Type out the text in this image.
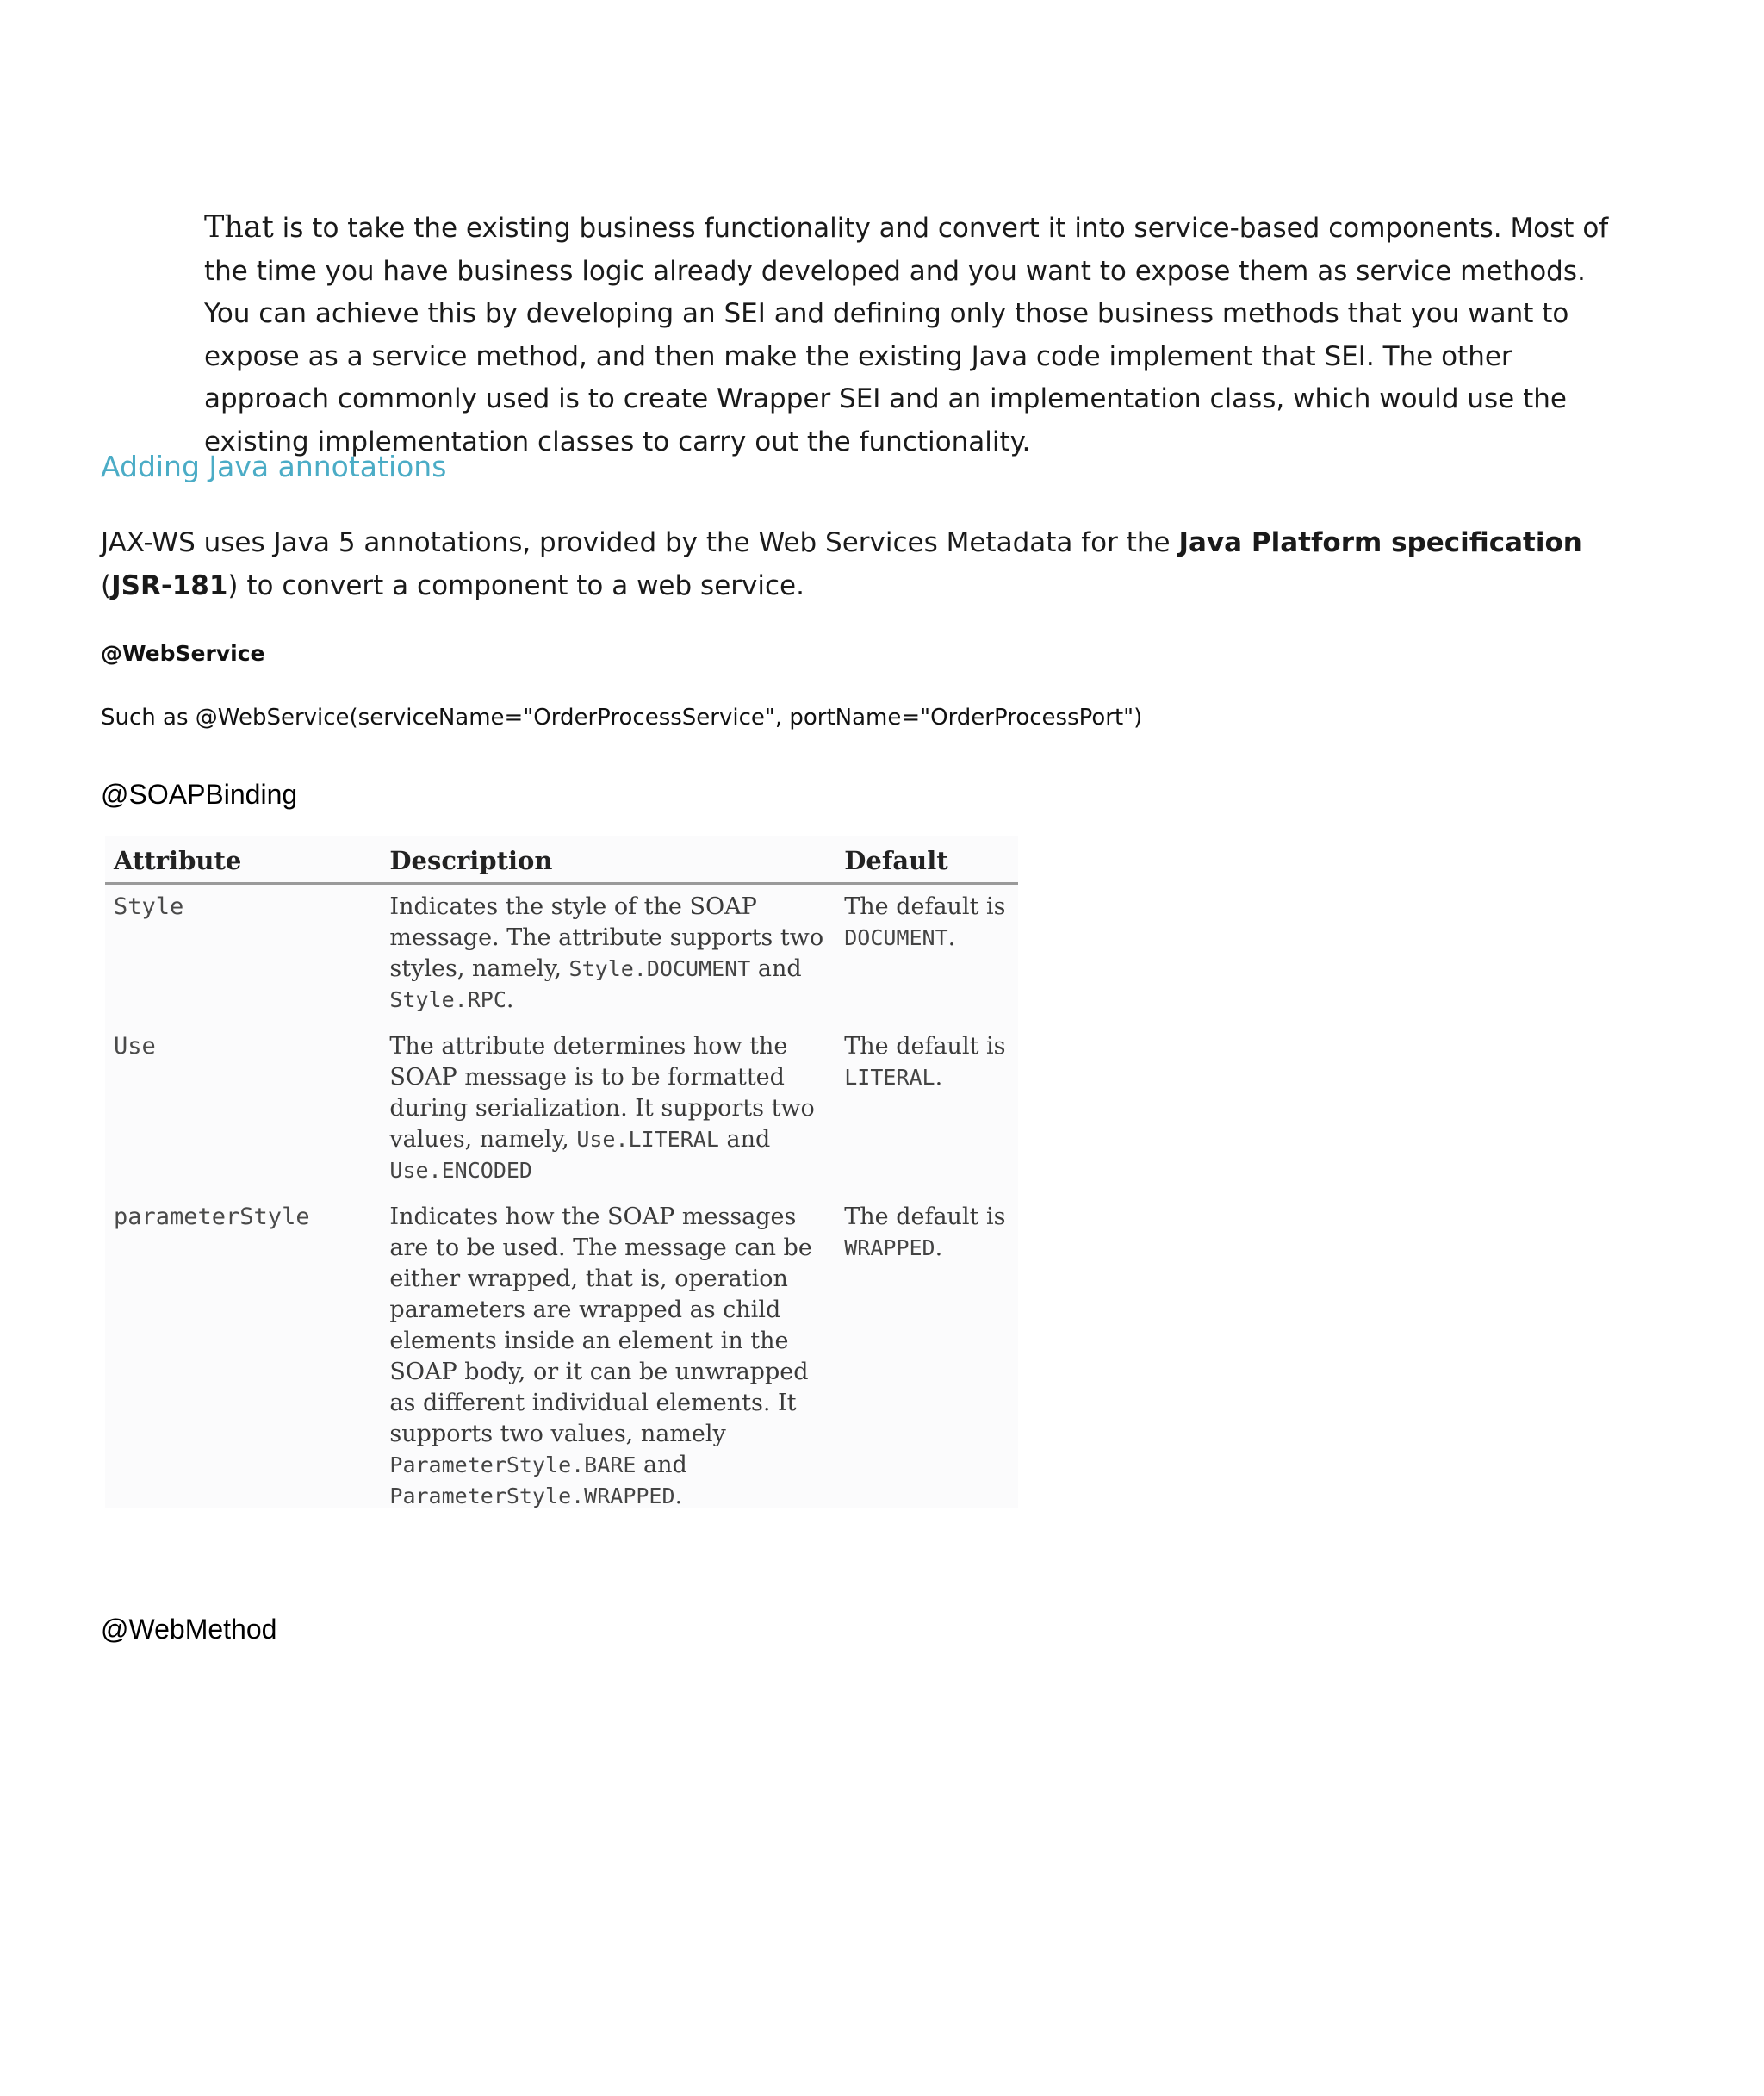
That is to take the existing business functionality and convert it into service-based components. Most of the time you have business logic already developed and you want to expose them as service methods. You can achieve this by developing an SEI and defining only those business methods that you want to expose as a service method, and then make the existing Java code implement that SEI. The other approach commonly used is to create Wrapper SEI and an implementation class, which would use the existing implementation classes to carry out the functionality.

Adding Java annotations

JAX-WS uses Java 5 annotations, provided by the Web Services Metadata for the Java Platform specification (JSR-181) to convert a component to a web service.

@WebService

Such as @WebService(serviceName="OrderProcessService", portName="OrderProcessPort")

@SOAPBinding
Attribute	Description	Default
Style	Indicates the style of the SOAP message. The attribute supports two styles, namely, Style.DOCUMENT and Style.RPC.	The default is DOCUMENT.
Use	The attribute determines how the SOAP message is to be formatted during serialization. It supports two values, namely, Use.LITERAL and Use.ENCODED	The default is LITERAL.
parameterStyle	Indicates how the SOAP messages are to be used. The message can be either wrapped, that is, operation parameters are wrapped as child elements inside an element in the SOAP body, or it can be unwrapped as different individual elements. It supports two values, namely ParameterStyle.BARE and ParameterStyle.WRAPPED.	The default is WRAPPED.
@WebMethod
